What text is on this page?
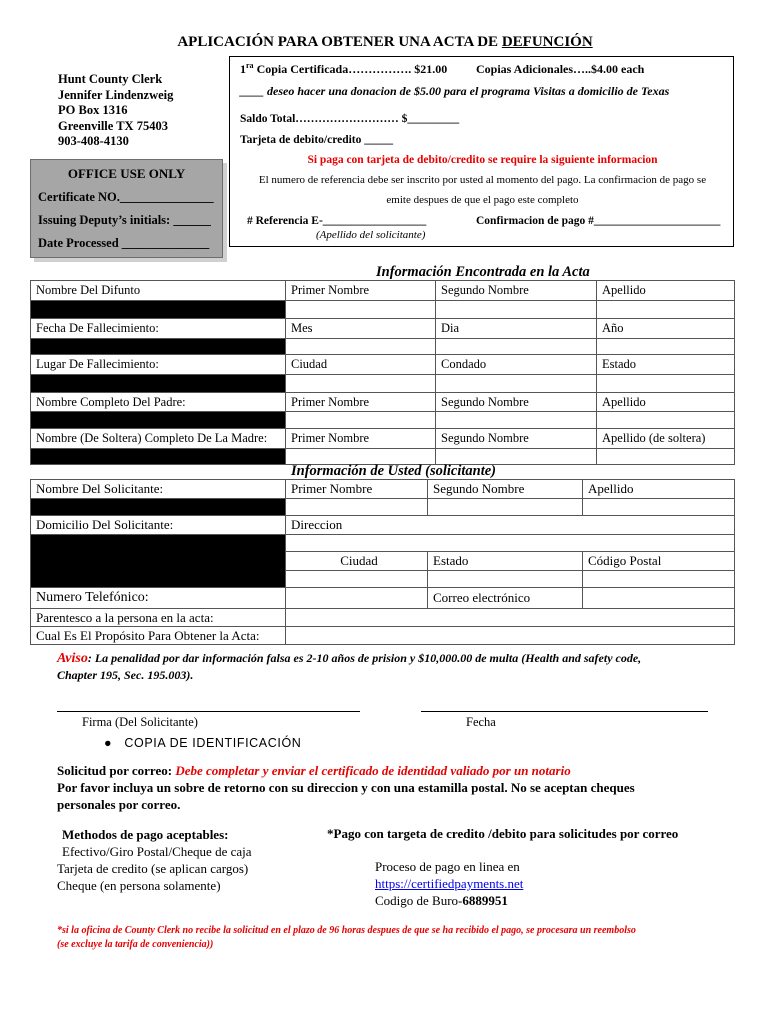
APLICACIÓN PARA OBTENER UNA ACTA DE DEFUNCIÓN
Hunt County Clerk
Jennifer Lindenzweig
PO Box 1316
Greenville TX 75403
903-408-4130
$1^{ra}$ Copia Certificada……………. $21.00 Copias Adicionales…..$4.00 each
____ deseo hacer una donacion de $5.00 para el programa Visitas a domicilio de Texas
Saldo Total……………………… $_________
Tarjeta de debito/credito _____
Si paga con tarjeta de debito/credito se require la siguiente informacion
El numero de referencia debe ser inscrito por usted al momento del pago. La confirmacion de pago se
emite despues de que el pago este completo
# Referencia E-__________________
(Apellido del solicitante)
Confirmacion de pago #______________________
OFFICE USE ONLY
Certificate NO._______________
Issuing Deputy’s initials: ______
Date Processed ______________
Información Encontrada en la Acta
Nombre Del Difunto	Primer Nombre	Segundo Nombre	Apellido

Fecha De Fallecimiento:	Mes	Dia	Año

Lugar De Fallecimiento:	Ciudad	Condado	Estado

Nombre Completo Del Padre:	Primer Nombre	Segundo Nombre	Apellido

Nombre (De Soltera) Completo De La Madre:	Primer Nombre	Segundo Nombre	Apellido (de soltera)

Información de Usted (solicitante)
Nombre Del Solicitante:	Primer Nombre	Segundo Nombre	Apellido

Domicilio Del Solicitante:	Direccion		

	Ciudad	Estado	Código Postal

Numero Telefónico:		Correo electrónico	
Parentesco a la persona en la acta:			
Cual Es El Propósito Para Obtener la Acta:			
Aviso: La penalidad por dar información falsa es 2-10 años de prision y $10,000.00 de multa (Health and safety code,
Chapter 195, Sec. 195.003).
Firma (Del Solicitante)	Fecha
● COPIA DE IDENTIFICACIÓN
Solicitud por correo: Debe completar y enviar el certificado de identidad valiado por un notario
Por favor incluya un sobre de retorno con su direccion y con una estamilla postal. No se aceptan cheques
personales por correo.
Methodos de pago aceptables:
Efectivo/Giro Postal/Cheque de caja
Tarjeta de credito (se aplican cargos)
Cheque (en persona solamente)
*Pago con targeta de credito /debito para solicitudes por correo
Proceso de pago en linea en
https://certifiedpayments.net
Codigo de Buro-6889951
*si la oficina de County Clerk no recibe la solicitud en el plazo de 96 horas despues de que se ha recibido el pago, se procesara un reembolso
(se excluye la tarifa de conveniencia))
